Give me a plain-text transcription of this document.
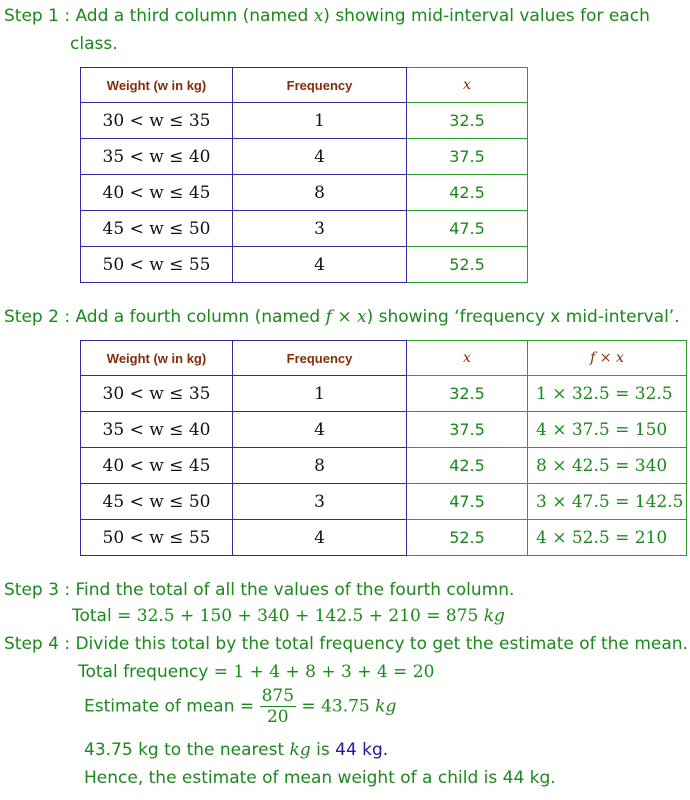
Step 1 : Add a third column (named x) showing mid-interval values for each
class.
Weight (w in kg)	Frequency	x
30 < w ≤ 35	1	32.5
35 < w ≤ 40	4	37.5
40 < w ≤ 45	8	42.5
45 < w ≤ 50	3	47.5
50 < w ≤ 55	4	52.5
Step 2 : Add a fourth column (named f × x) showing ‘frequency x mid-interval’.
Weight (w in kg)	Frequency	x	f × x
30 < w ≤ 35	1	32.5	1 × 32.5 = 32.5
35 < w ≤ 40	4	37.5	4 × 37.5 = 150
40 < w ≤ 45	8	42.5	8 × 42.5 = 340
45 < w ≤ 50	3	47.5	3 × 47.5 = 142.5
50 < w ≤ 55	4	52.5	4 × 52.5 = 210
Step 3 : Find the total of all the values of the fourth column.
Total = 32.5 + 150 + 340 + 142.5 + 210 = 875 kg
Step 4 : Divide this total by the total frequency to get the estimate of the mean.
Total frequency = 1 + 4 + 8 + 3 + 4 = 20
Estimate of mean = $\frac{875}{20} = 43.75$ kg
43.75 kg to the nearest kg is 44 kg.
Hence, the estimate of mean weight of a child is 44 kg.
